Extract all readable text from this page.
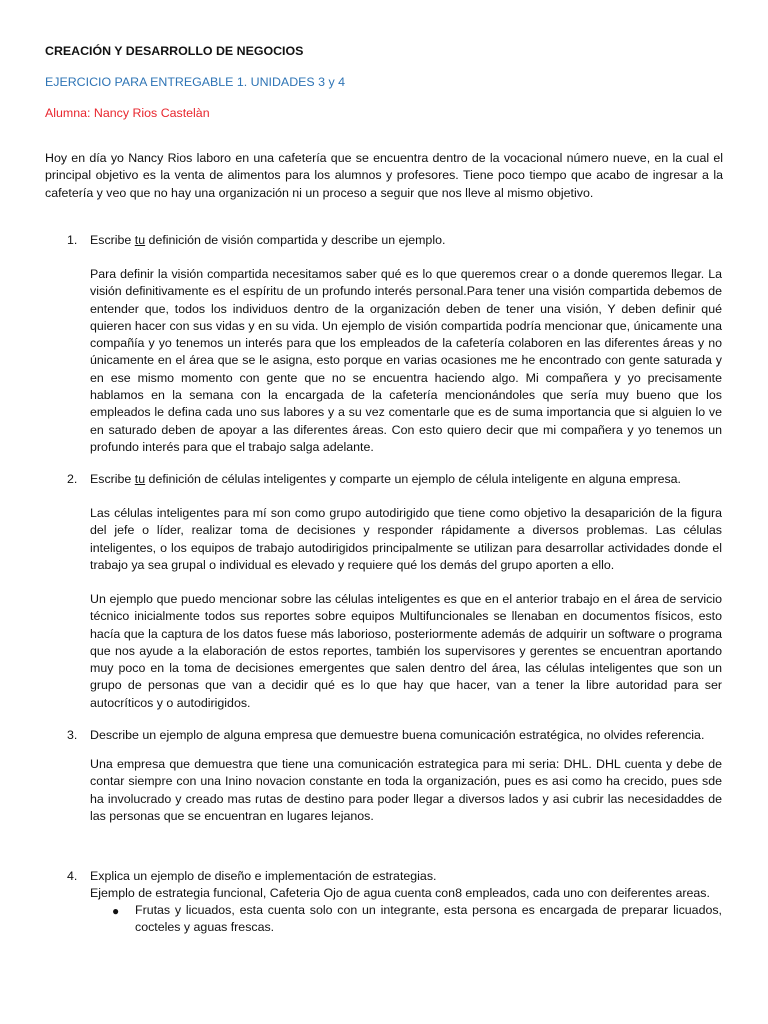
CREACIÓN Y DESARROLLO DE NEGOCIOS

EJERCICIO PARA ENTREGABLE 1. UNIDADES 3 y 4

Alumna: Nancy Rios Castelàn

Hoy en día yo Nancy Rios laboro en una cafetería que se encuentra dentro de la vocacional número nueve, en la cual el principal objetivo es la venta de alimentos para los alumnos y profesores. Tiene poco tiempo que acabo de ingresar a la cafetería y veo que no hay una organización ni un proceso a seguir que nos lleve al mismo objetivo.

1. Escribe tu definición de visión compartida y describe un ejemplo.

Para definir la visión compartida necesitamos saber qué es lo que queremos crear o a donde queremos llegar. La visión definitivamente es el espíritu de un profundo interés personal.Para tener una visión compartida debemos de entender que, todos los individuos dentro de la organización deben de tener una visión, Y deben definir qué quieren hacer con sus vidas y en su vida. Un ejemplo de visión compartida podría mencionar que, únicamente una compañía y yo tenemos un interés para que los empleados de la cafetería colaboren en las diferentes áreas y no únicamente en el área que se le asigna, esto porque en varias ocasiones me he encontrado con gente saturada y en ese mismo momento con gente que no se encuentra haciendo algo. Mi compañera y yo precisamente hablamos en la semana con la encargada de la cafetería mencionándoles que sería muy bueno que los empleados le defina cada uno sus labores y a su vez comentarle que es de suma importancia que si alguien lo ve en saturado deben de apoyar a las diferentes áreas. Con esto quiero decir que mi compañera y yo tenemos un profundo interés para que el trabajo salga adelante.

2. Escribe tu definición de células inteligentes y comparte un ejemplo de célula inteligente en alguna empresa.

Las células inteligentes para mí son como grupo autodirigido que tiene como objetivo la desaparición de la figura del jefe o líder, realizar toma de decisiones y responder rápidamente a diversos problemas. Las células inteligentes, o los equipos de trabajo autodirigidos principalmente se utilizan para desarrollar actividades donde el trabajo ya sea grupal o individual es elevado y requiere qué los demás del grupo aporten a ello.

Un ejemplo que puedo mencionar sobre las células inteligentes es que en el anterior trabajo en el área de servicio técnico inicialmente todos sus reportes sobre equipos Multifuncionales se llenaban en documentos físicos, esto hacía que la captura de los datos fuese más laborioso, posteriormente además de adquirir un software o programa que nos ayude a la elaboración de estos reportes, también los supervisores y gerentes se encuentran aportando muy poco en la toma de decisiones emergentes que salen dentro del área, las células inteligentes que son un grupo de personas que van a decidir qué es lo que hay que hacer, van a tener la libre autoridad para ser autocríticos y o autodirigidos.

3. Describe un ejemplo de alguna empresa que demuestre buena comunicación estratégica, no olvides referencia.

Una empresa que demuestra que tiene una comunicación estrategica para mi seria: DHL. DHL cuenta y debe de contar siempre con una Inino novacion constante en toda la organización, pues es asi como ha crecido, pues sde ha involucrado y creado mas rutas de destino para poder llegar a diversos lados y asi cubrir las necesidaddes de las personas que se encuentran en lugares lejanos.

4. Explica un ejemplo de diseño e implementación de estrategias.

Ejemplo de estrategia funcional, Cafeteria Ojo de agua cuenta con8 empleados, cada uno con deiferentes areas.

● Frutas y licuados, esta cuenta solo con un integrante, esta persona es encargada de preparar licuados, cocteles y aguas frescas.
